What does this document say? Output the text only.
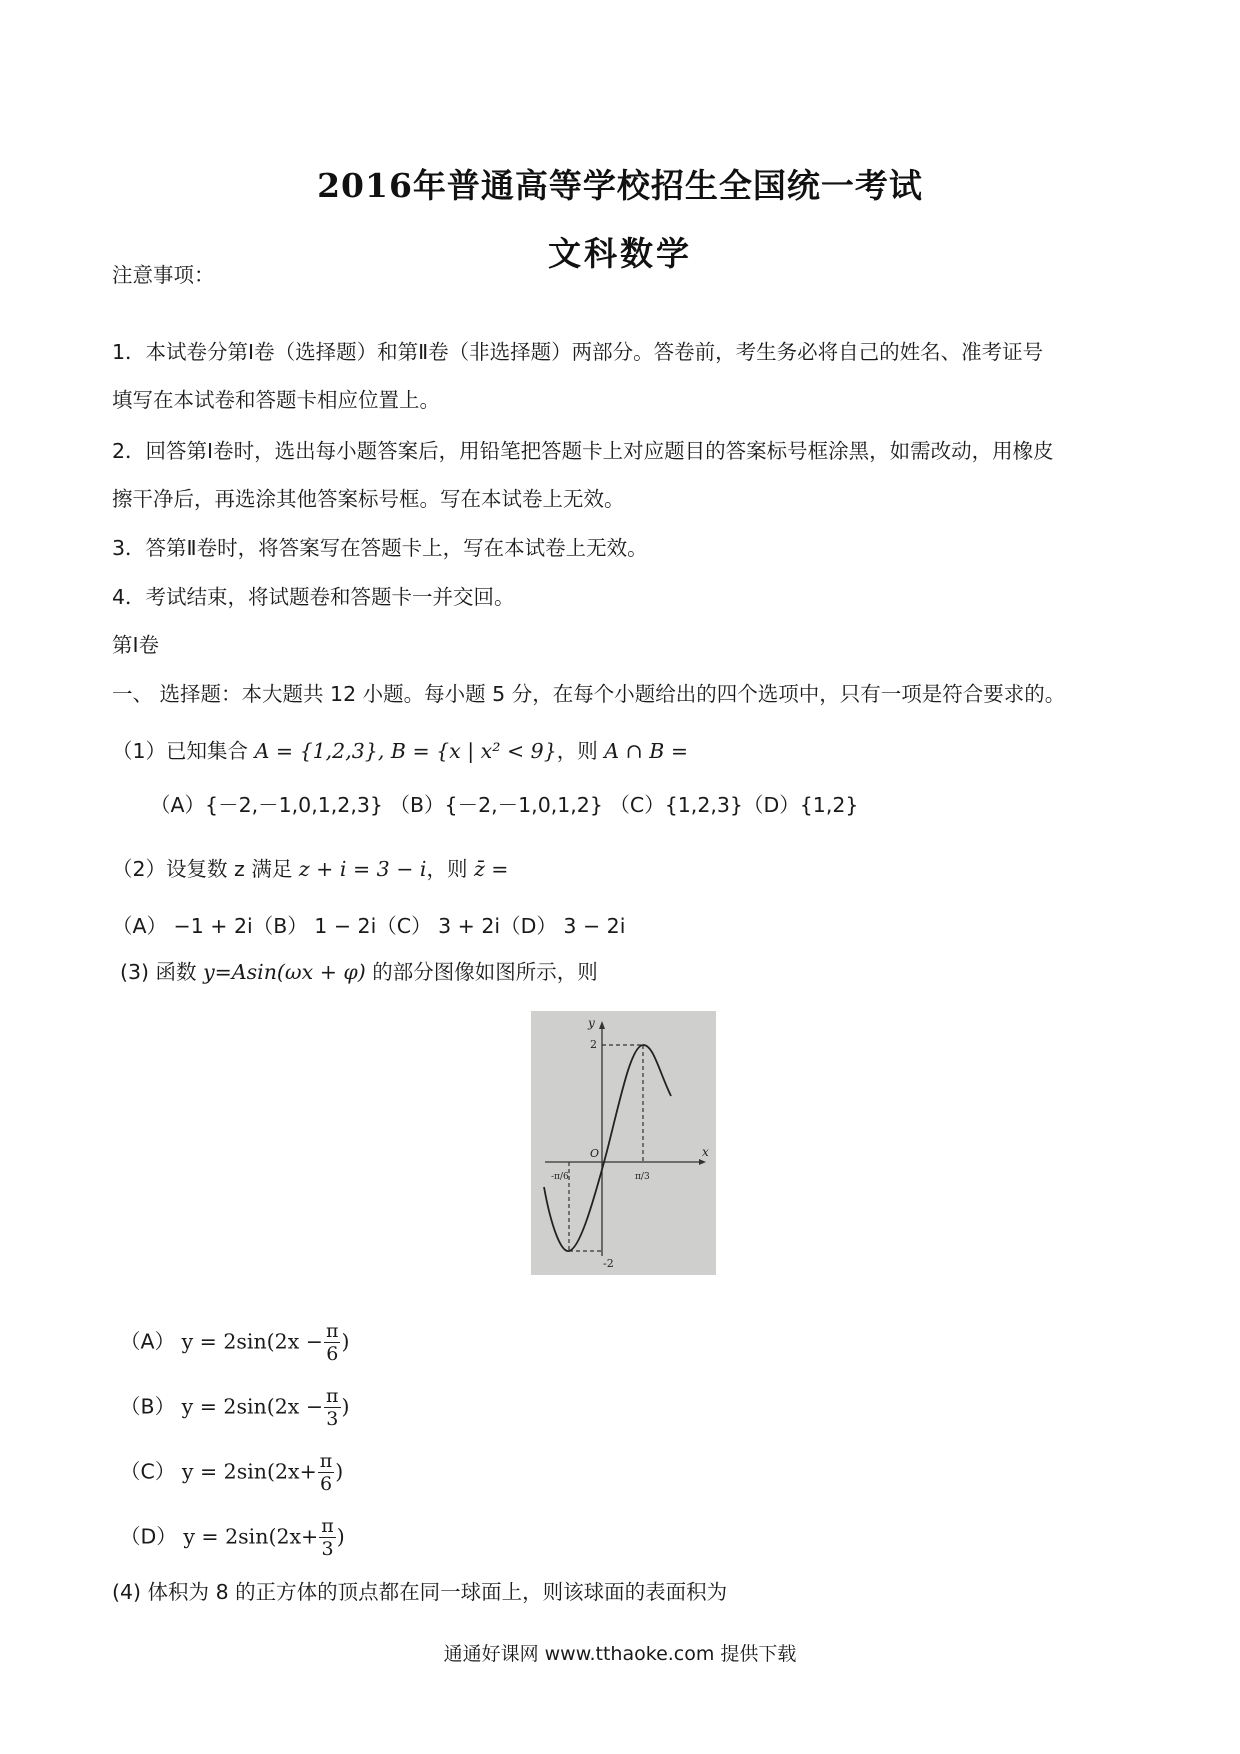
2016年普通高等学校招生全国统一考试
文科数学
注意事项：
1．本试卷分第Ⅰ卷（选择题）和第Ⅱ卷（非选择题）两部分。答卷前，考生务必将自己的姓名、准考证号
填写在本试卷和答题卡相应位置上。
2．回答第Ⅰ卷时，选出每小题答案后，用铅笔把答题卡上对应题目的答案标号框涂黑，如需改动，用橡皮
擦干净后，再选涂其他答案标号框。写在本试卷上无效。
3．答第Ⅱ卷时，将答案写在答题卡上，写在本试卷上无效。
4．考试结束，将试题卷和答题卡一并交回。
第Ⅰ卷
一、 选择题：本大题共 12 小题。每小题 5 分，在每个小题给出的四个选项中，只有一项是符合要求的。
（1）已知集合 A = {1,2,3}, B = {x | x² < 9}，则 A ∩ B =
（A）{－2,－1,0,1,2,3} （B）{－2,－1,0,1,2} （C）{1,2,3}（D）{1,2}
（2）设复数 z 满足 z + i = 3 − i，则 z̄ =
（A） −1 + 2i（B） 1 − 2i（C） 3 + 2i（D） 3 − 2i
(3) 函数 y=Asin(ωx + φ) 的部分图像如图所示，则
y
x
O
2
-2
-π/6	π/3
（A） $y = 2\sin(2x - \frac{\pi}{6}$ )
（B） $y = 2\sin(2x - \frac{\pi}{3}$ )
（C） $y = 2\sin(2x+ \frac{\pi}{6}$ )
（D） $y = 2\sin(2x+ \frac{\pi}{3}$ )
(4) 体积为 8 的正方体的顶点都在同一球面上，则该球面的表面积为
通通好课网 www.tthaoke.com 提供下载
